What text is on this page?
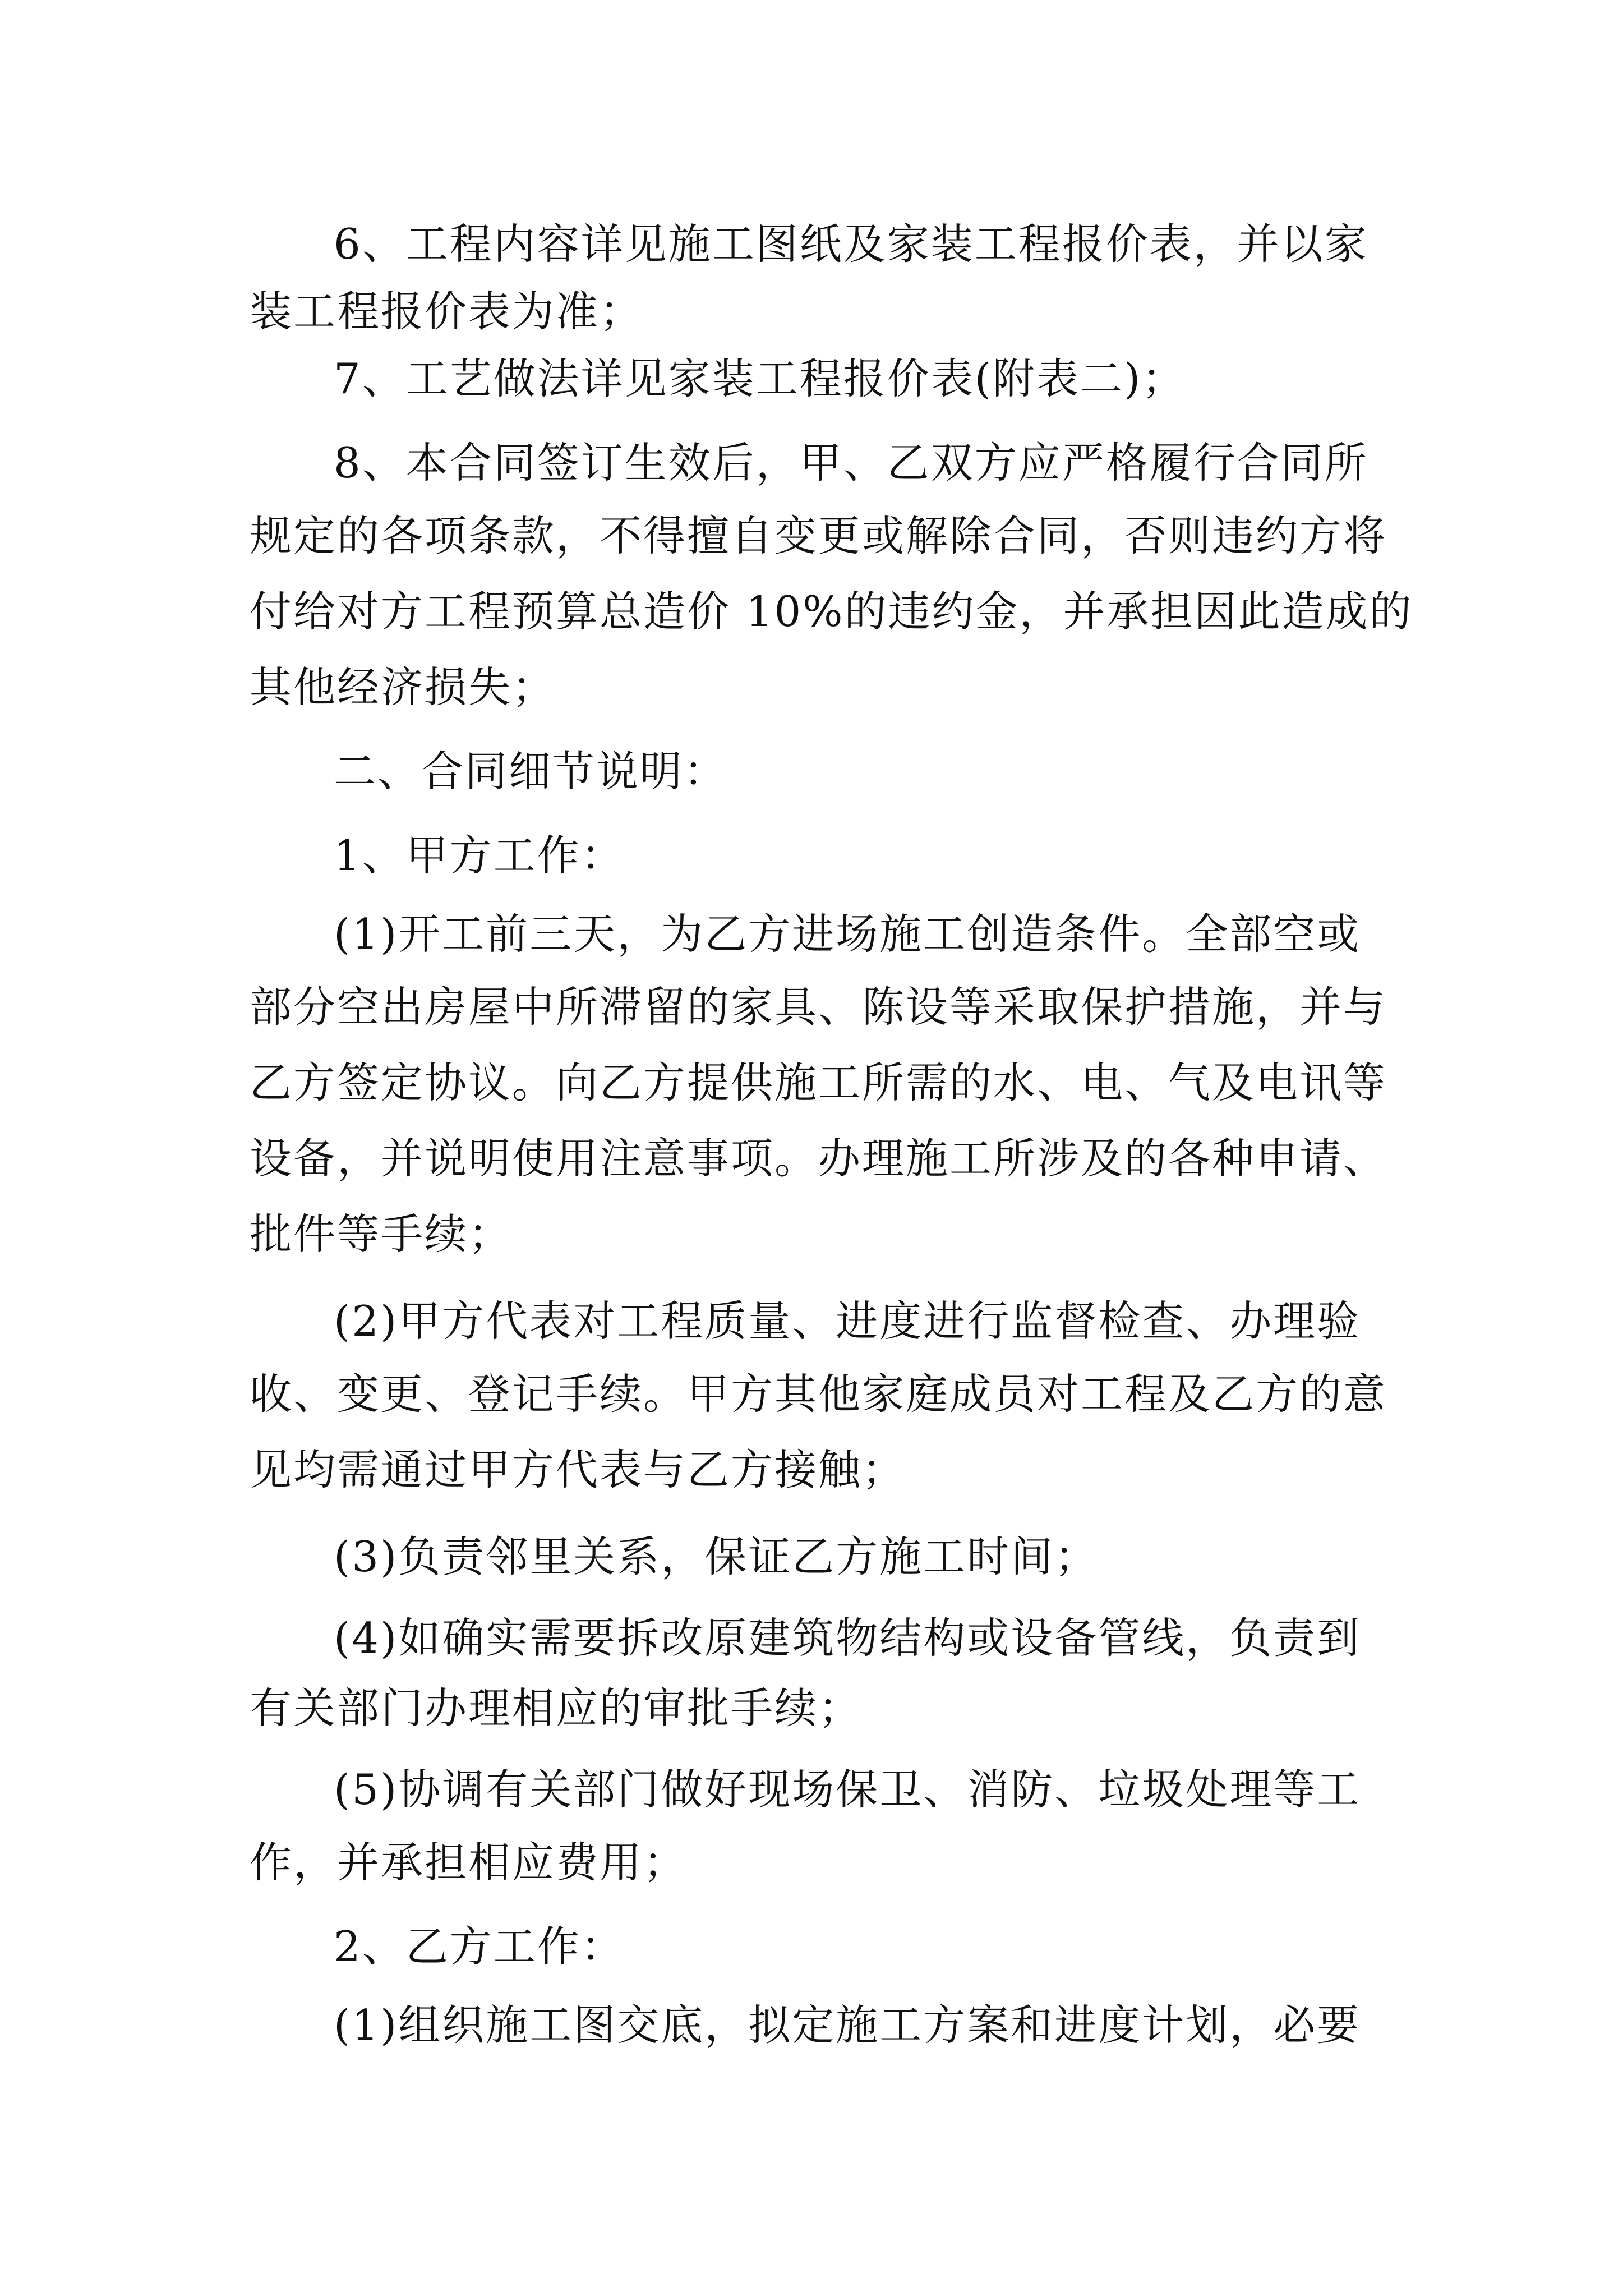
6、工程内容详见施工图纸及家装工程报价表，并以家
装工程报价表为准；
7、工艺做法详见家装工程报价表(附表二)；
8、本合同签订生效后，甲、乙双方应严格履行合同所
规定的各项条款，不得擅自变更或解除合同，否则违约方将
付给对方工程预算总造价 10%的违约金，并承担因此造成的
其他经济损失；
二、合同细节说明：
1、甲方工作：
(1)开工前三天，为乙方进场施工创造条件。全部空或
部分空出房屋中所滞留的家具、陈设等采取保护措施，并与
乙方签定协议。向乙方提供施工所需的水、电、气及电讯等
设备，并说明使用注意事项。办理施工所涉及的各种申请、
批件等手续；
(2)甲方代表对工程质量、进度进行监督检查、办理验
收、变更、登记手续。甲方其他家庭成员对工程及乙方的意
见均需通过甲方代表与乙方接触；
(3)负责邻里关系，保证乙方施工时间；
(4)如确实需要拆改原建筑物结构或设备管线，负责到
有关部门办理相应的审批手续；
(5)协调有关部门做好现场保卫、消防、垃圾处理等工
作，并承担相应费用；
2、乙方工作：
(1)组织施工图交底，拟定施工方案和进度计划，必要
